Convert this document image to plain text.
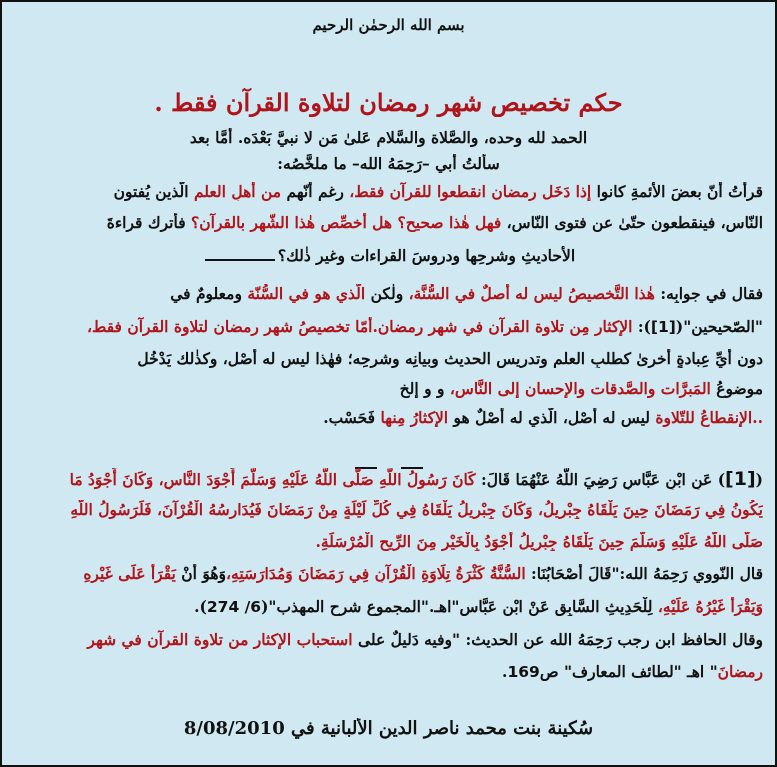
بسم الله الرحمٰن الرحيم
حكم تخصيص شهر رمضان لتلاوة القرآن فقط .
الحمد لله وحده، والصَّلاة والسَّلام عَلىٰ مَن لا نبيَّ بَعْدَه. أمَّا بعد
سألتُ أبي –رَحِمَهُ الله– ما ملخَّصُه:
قرأتُ أنّ بعضَ الأئمةِ كانوا إذا دَخَل رمضان انقطعوا للقرآن فقط، رغم أنّهم من أهلِ العلم الّذين يُفتون
النّاس، فينقطعون حتّىٰ عن فتوى النّاس، فهل هٰذا صحيح؟ هل أخصِّص هٰذا الشّهر بالقرآن؟ فأترك قراءةَ
الأحاديثِ وشرحِها ودروسَ القراءات وغير ذٰلك؟
فقال في جوابِه: هٰذا التَّخصيصُ ليس له أصلٌ في السُّنَّة، ولٰكن الّذي هو في السُّنّة ومعلومٌ في
"الصّحيحين"([1]): الإكثار مِن تلاوة القرآن في شهرِ رمضان.أمّا تخصيصُ شهرِ رمضان لتلاوة القرآن فقط،
دون أيِّ عِبادةٍ أُخرىٰ كطلبِ العلم وتدريس الحديث وبيانِه وشرحِه؛ فهٰذا ليس له أصْل، وكذٰلك يَدْخُل
موضوعُ المَبرَّات والصَّدقات والإحسان إلى النَّاس، و و إلخ
..الإنقطاعُ للتّلاوة ليس له أصْل، الّذي له أصْلٌ هو الإكثارُ مِنها فَحَسْب.
([1]) عَنِ ابْنِ عَبَّاسٍ رَضِيَ اللَّهُ عَنْهُمَا قَالَ: كَانَ رَسُولُ اللَّهِ صَلَّى اللَّهُ عَلَيْهِ وَسَلَّمَ أَجْوَدَ النَّاسِ، وَكَانَ أَجْوَدُ مَا
يَكُونُ فِي رَمَضَانَ حِينَ يَلْقَاهُ جِبْرِيلُ، وَكَانَ جِبْرِيلُ يَلْقَاهُ فِي كُلِّ لَيْلَةٍ مِنْ رَمَضَانَ فَيُدَارِسُهُ الْقُرْآنَ، فَلَرَسُولُ اللَّهِ
صَلَّى اللَّهُ عَلَيْهِ وَسَلَّمَ حِينَ يَلْقَاهُ جِبْرِيلُ أَجْوَدُ بِالْخَيْرِ مِنَ الرِّيحِ الْمُرْسَلَةِ.
قال النّووي رَحِمَهُ الله:"قَالَ أَصْحَابُنَا: السُّنَّةُ كَثْرَةُ تِلَاوَةِ الْقُرْآنِ فِي رَمَضَانَ وَمُدَارَسَتِهِ،وَهُوَ أَنْ يَقْرَأَ عَلَى غَيْرِهِ
وَيَقْرَأَ غَيْرُهُ عَلَيْهِ، لِلْحَدِيثِ السَّابِقِ عَنْ ابْنِ عَبَّاسٍ"اهـ."المجموع شرح المهذب"(6/ 274).
وقال الحافظ ابن رجب رَحِمَهُ الله عن الحديث: "وفيه دَليلٌ على استحباب الإكثار من تلاوة القرآن في شهرِ
رمضانَ" اهـ "لطائف المعارف" ص169.
سُكينة بنت محمد ناصر الدين الألبانية في 8/08/2010
